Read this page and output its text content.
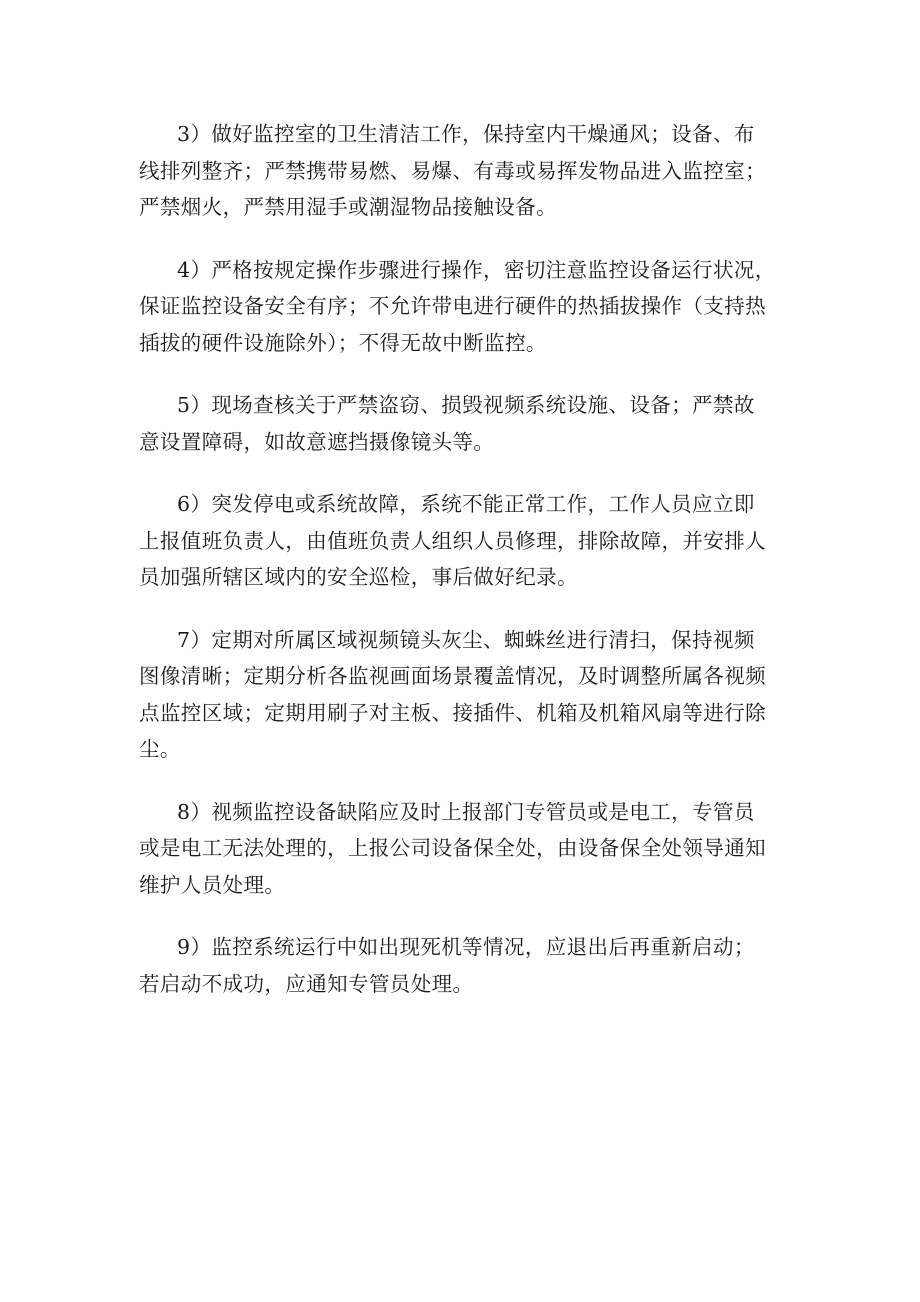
3）做好监控室的卫生清洁工作，保持室内干燥通风；设备、布
线排列整齐；严禁携带易燃、易爆、有毒或易挥发物品进入监控室；
严禁烟火，严禁用湿手或潮湿物品接触设备。

4）严格按规定操作步骤进行操作，密切注意监控设备运行状况，
保证监控设备安全有序；不允许带电进行硬件的热插拔操作（支持热
插拔的硬件设施除外）；不得无故中断监控。

5）现场查核关于严禁盗窃、损毁视频系统设施、设备；严禁故
意设置障碍，如故意遮挡摄像镜头等。

6）突发停电或系统故障，系统不能正常工作，工作人员应立即
上报值班负责人，由值班负责人组织人员修理，排除故障，并安排人
员加强所辖区域内的安全巡检，事后做好纪录。

7）定期对所属区域视频镜头灰尘、蜘蛛丝进行清扫，保持视频
图像清晰；定期分析各监视画面场景覆盖情况，及时调整所属各视频
点监控区域；定期用刷子对主板、接插件、机箱及机箱风扇等进行除
尘。

8）视频监控设备缺陷应及时上报部门专管员或是电工，专管员
或是电工无法处理的，上报公司设备保全处，由设备保全处领导通知
维护人员处理。

9）监控系统运行中如出现死机等情况，应退出后再重新启动；
若启动不成功，应通知专管员处理。
